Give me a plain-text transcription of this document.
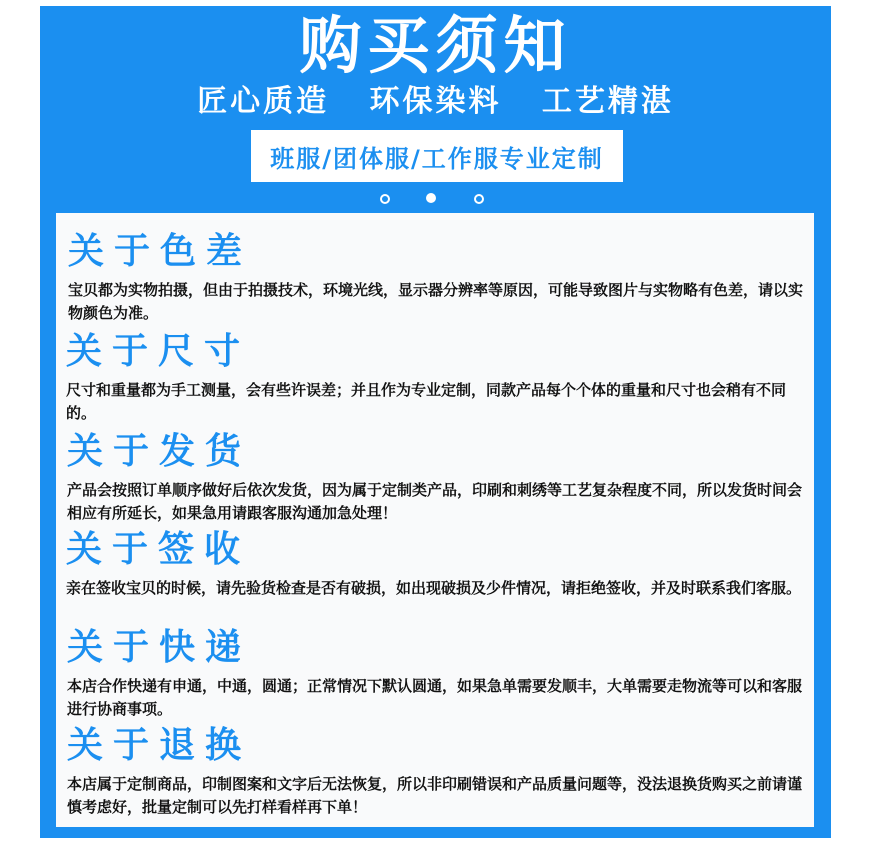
购买须知
匠心质造   环保染料   工艺精湛
班服/团体服/工作服专业定制
关于色差
宝贝都为实物拍摄，但由于拍摄技术，环境光线，显示器分辨率等原因，可能导致图片与实物略有色差，请以实物颜色为准。
关于尺寸
尺寸和重量都为手工测量，会有些许误差；并且作为专业定制，同款产品每个个体的重量和尺寸也会稍有不同的。
关于发货
产品会按照订单顺序做好后依次发货，因为属于定制类产品，印刷和刺绣等工艺复杂程度不同，所以发货时间会相应有所延长，如果急用请跟客服沟通加急处理！
关于签收
亲在签收宝贝的时候，请先验货检查是否有破损，如出现破损及少件情况，请拒绝签收，并及时联系我们客服。
关于快递
本店合作快递有申通，中通，圆通；正常情况下默认圆通，如果急单需要发顺丰，大单需要走物流等可以和客服进行协商事项。
关于退换
本店属于定制商品，印制图案和文字后无法恢复，所以非印刷错误和产品质量问题等，没法退换货购买之前请谨慎考虑好，批量定制可以先打样看样再下单！
